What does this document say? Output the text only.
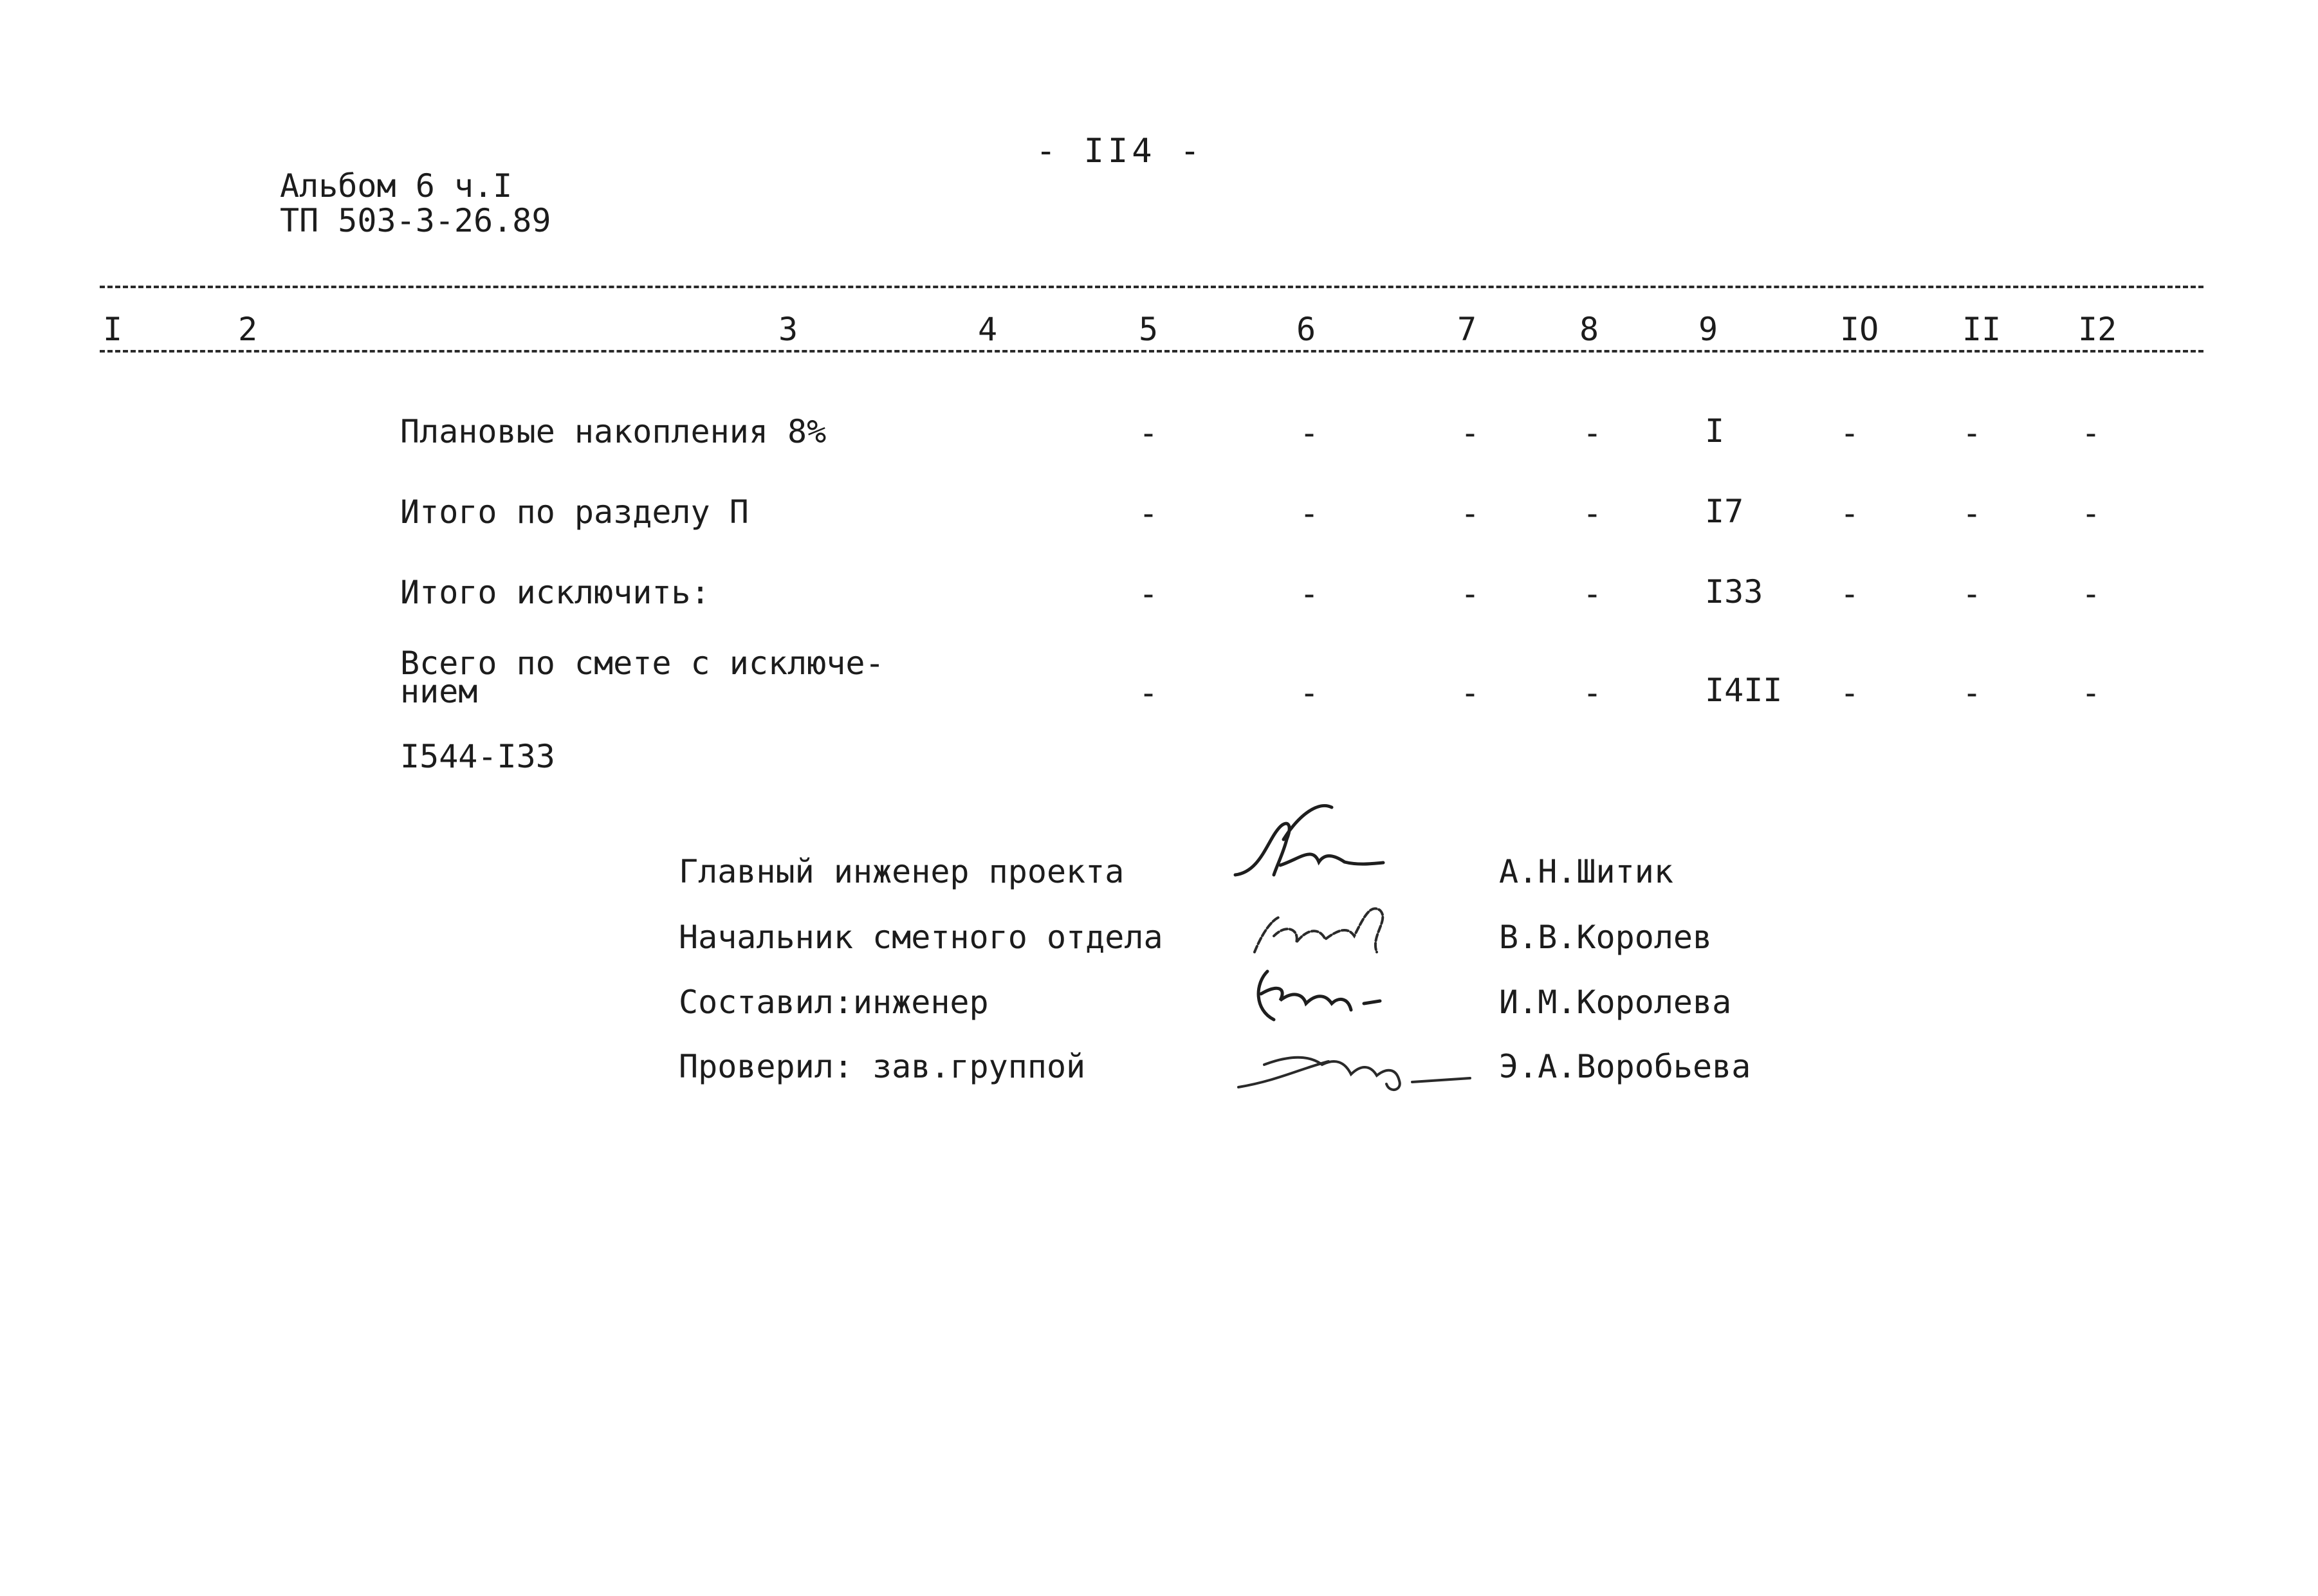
- II4 -
Альбом 6 ч.I
ТП 503-3-26.89
I	2	3	4	5	6	7	8	9	IO	II I2
Плановые накопления 8%	-	-	-	-	I	-	-	-
Итого по разделу П	-	-	-	-	I7	-	-	-
Итого исключить:	-	-	-	-	I33	-	-	-
Всего по смете с исключе-
нием	-	-	-	-	I4II	-	-	-
I544-I33
Главный инженер проекта	А.Н.Шитик
Начальник сметного отдела	В.В.Королев
Составил:инженер	И.М.Королева
Проверил: зав.группой	Э.А.Воробьева
